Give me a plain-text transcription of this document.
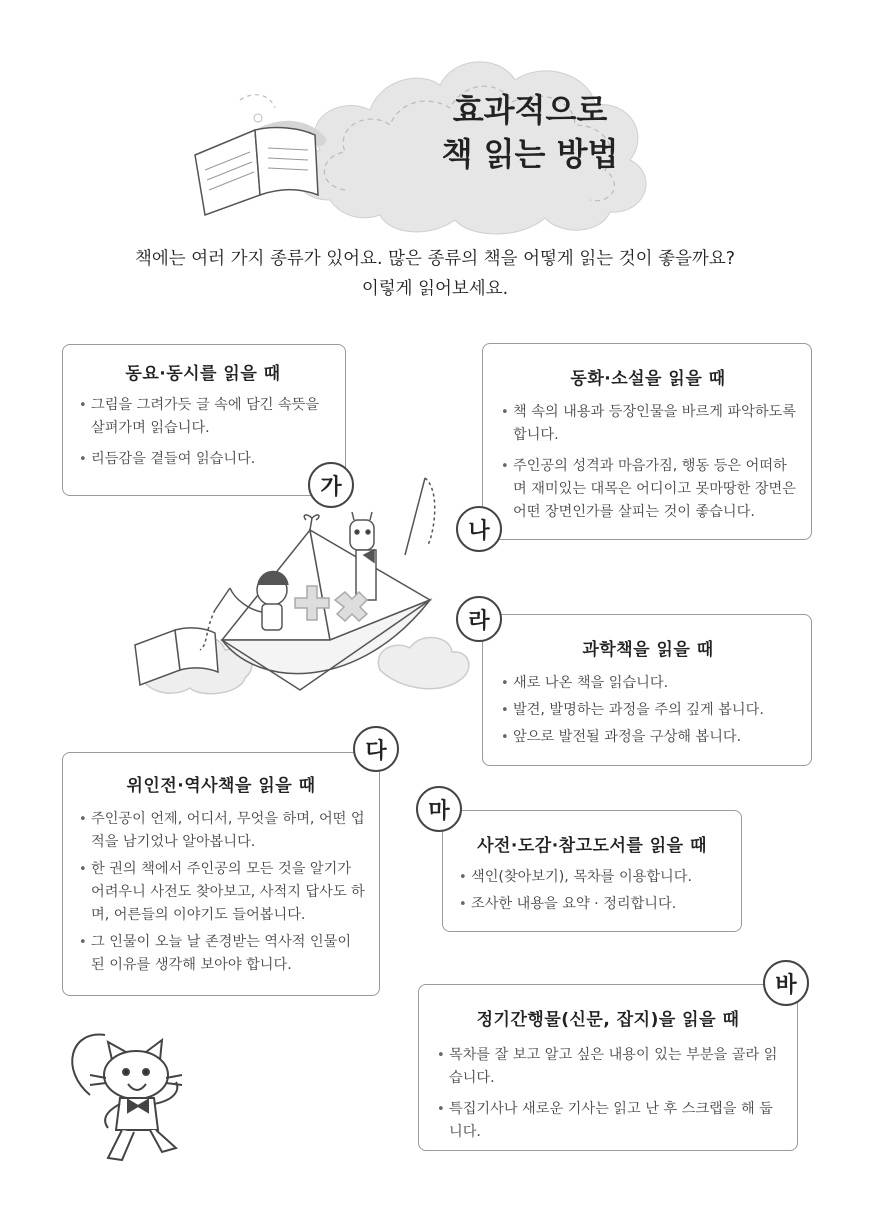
효과적으로
책 읽는 방법
책에는 여러 가지 종류가 있어요. 많은 종류의 책을 어떻게 읽는 것이 좋을까요?
이렇게 읽어보세요.
동요·동시를 읽을 때
• 그림을 그려가듯 글 속에 담긴 속뜻을 살펴가며 읽습니다.
• 리듬감을 곁들여 읽습니다.
가
동화·소설을 읽을 때
• 책 속의 내용과 등장인물을 바르게 파악하도록 합니다.
• 주인공의 성격과 마음가짐, 행동 등은 어떠하며 재미있는 대목은 어디이고 못마땅한 장면은 어떤 장면인가를 살피는 것이 좋습니다.
나
과학책을 읽을 때
• 새로 나온 책을 읽습니다.
• 발견, 발명하는 과정을 주의 깊게 봅니다.
• 앞으로 발전될 과정을 구상해 봅니다.
라
위인전·역사책을 읽을 때
• 주인공이 언제, 어디서, 무엇을 하며, 어떤 업적을 남기었나 알아봅니다.
• 한 권의 책에서 주인공의 모든 것을 알기가 어려우니 사전도 찾아보고, 사적지 답사도 하며, 어른들의 이야기도 들어봅니다.
• 그 인물이 오늘 날 존경받는 역사적 인물이 된 이유를 생각해 보아야 합니다.
다
사전·도감·참고도서를 읽을 때
• 색인(찾아보기), 목차를 이용합니다.
• 조사한 내용을 요약 · 정리합니다.
마
정기간행물(신문, 잡지)을 읽을 때
• 목차를 잘 보고 알고 싶은 내용이 있는 부분을 골라 읽습니다.
• 특집기사나 새로운 기사는 읽고 난 후 스크랩을 해 둡니다.
바
